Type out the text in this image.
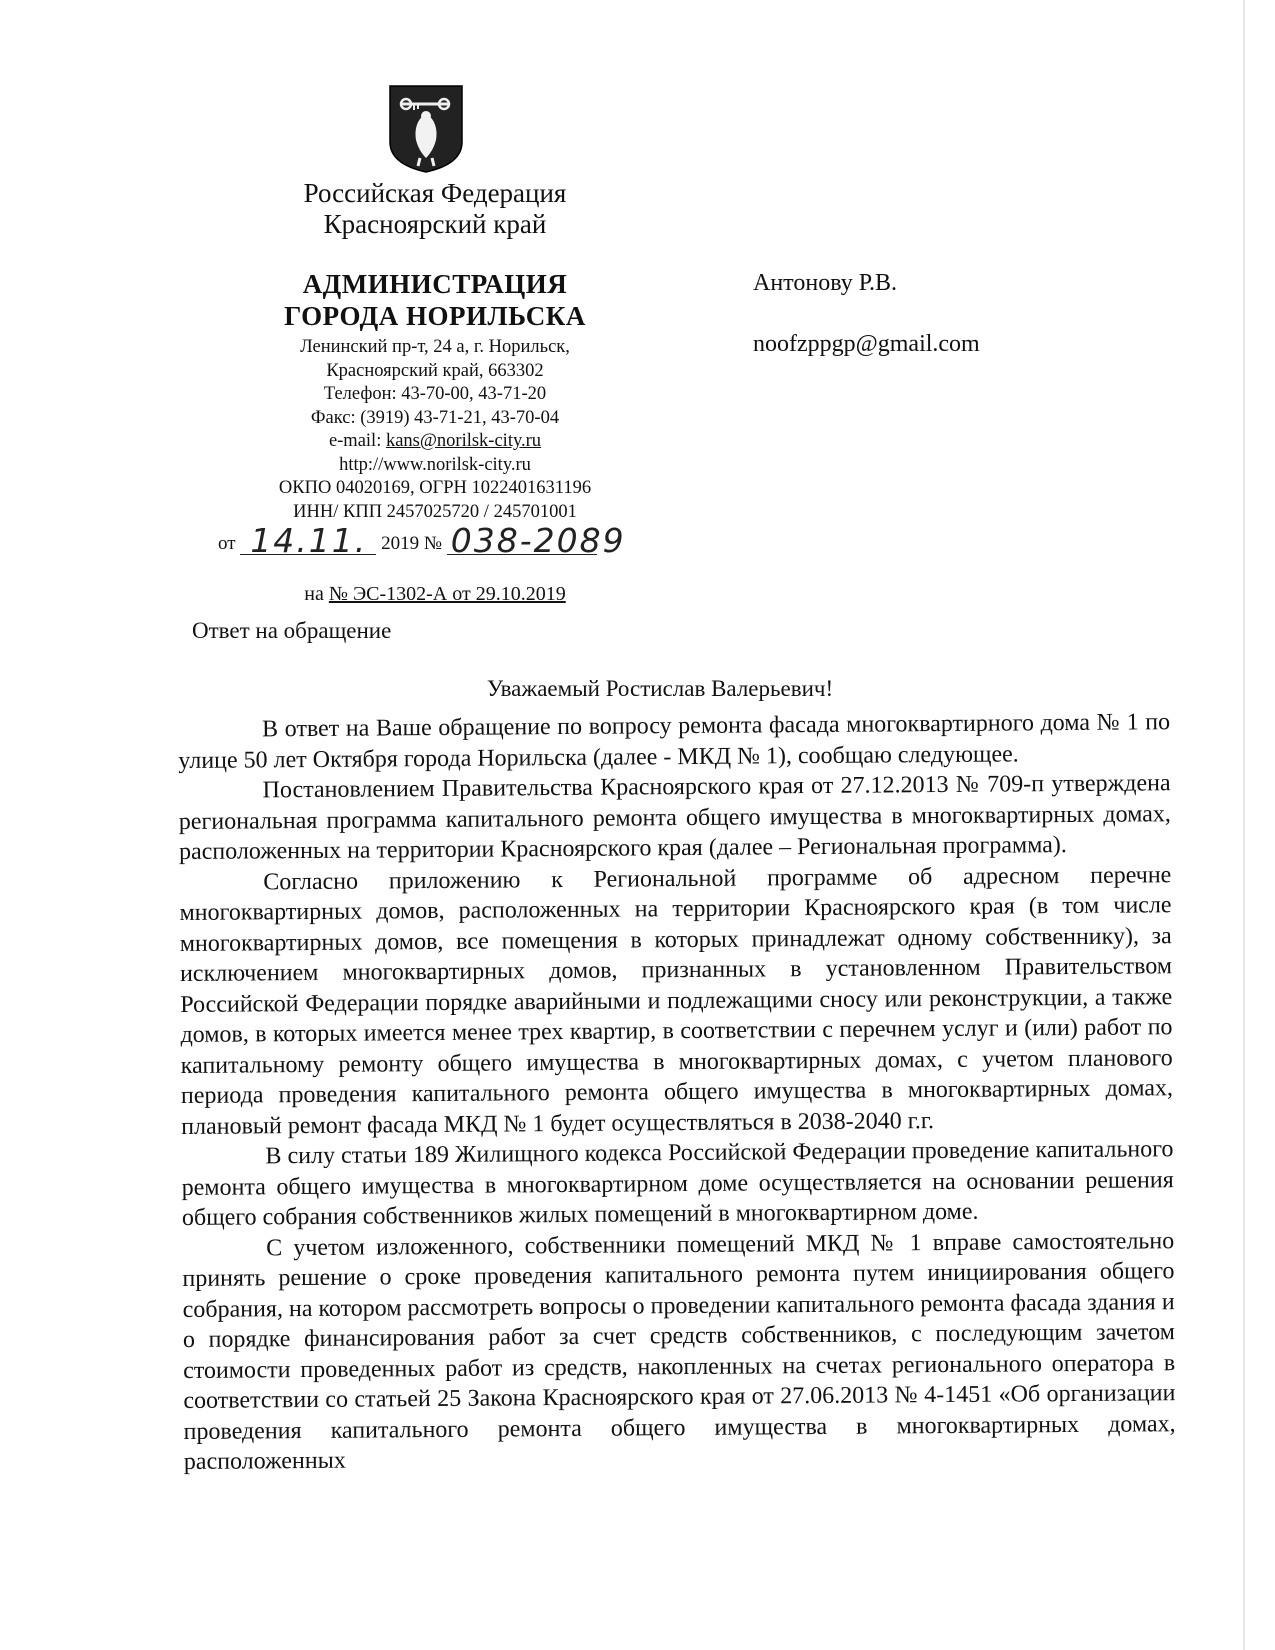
Российская Федерация
Красноярский край
АДМИНИСТРАЦИЯ
ГОРОДА НОРИЛЬСКА
Ленинский пр-т, 24 а, г. Норильск,
Красноярский край, 663302
Телефон: 43-70-00, 43-71-20
Факс: (3919) 43-71-21, 43-70-04
e-mail: kans@norilsk-city.ru
http://www.norilsk-city.ru
ОКПО 04020169, ОГРН 1022401631196
ИНН/ КПП 2457025720 / 245701001
от 14.11. 2019 № 038-2089
на № ЭС-1302-А от 29.10.2019
Антонову Р.В.
noofzppgp@gmail.com
Ответ на обращение
Уважаемый Ростислав Валерьевич!

В ответ на Ваше обращение по вопросу ремонта фасада многоквартирного дома № 1 по улице 50 лет Октября города Норильска (далее - МКД № 1), сообщаю следующее.

Постановлением Правительства Красноярского края от 27.12.2013 № 709-п утверждена региональная программа капитального ремонта общего имущества в многоквартирных домах, расположенных на территории Красноярского края (далее – Региональная программа).

Согласно приложению к Региональной программе об адресном перечне многоквартирных домов, расположенных на территории Красноярского края (в том числе многоквартирных домов, все помещения в которых принадлежат одному собственнику), за исключением многоквартирных домов, признанных в установленном Правительством Российской Федерации порядке аварийными и подлежащими сносу или реконструкции, а также домов, в которых имеется менее трех квартир, в соответствии с перечнем услуг и (или) работ по капитальному ремонту общего имущества в многоквартирных домах, с учетом планового периода проведения капитального ремонта общего имущества в многоквартирных домах, плановый ремонт фасада МКД № 1 будет осуществляться в 2038-2040 г.г.

В силу статьи 189 Жилищного кодекса Российской Федерации проведение капитального ремонта общего имущества в многоквартирном доме осуществляется на основании решения общего собрания собственников жилых помещений в многоквартирном доме.

С учетом изложенного, собственники помещений МКД № 1 вправе самостоятельно принять решение о сроке проведения капитального ремонта путем инициирования общего собрания, на котором рассмотреть вопросы о проведении капитального ремонта фасада здания и о порядке финансирования работ за счет средств собственников, с последующим зачетом стоимости проведенных работ из средств, накопленных на счетах регионального оператора в соответствии со статьей 25 Закона Красноярского края от 27.06.2013 № 4-1451 «Об организации проведения капитального ремонта общего имущества в многоквартирных домах, расположенных
